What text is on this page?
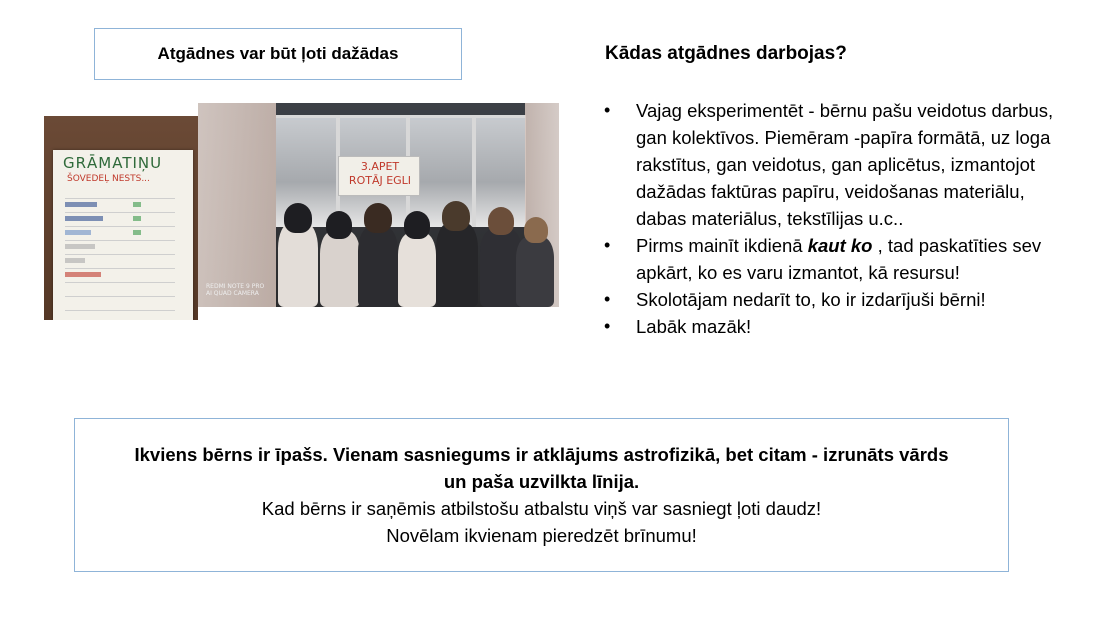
Atgādnes var būt ļoti dažādas
GRĀMATIŅU
ŠOVEDEĻ NESTS...
3.APET ROTĀJ EGLI
REDMI NOTE 9 PRO
AI QUAD CAMERA
Kādas atgādnes darbojas?
• Vajag eksperimentēt - bērnu pašu veidotus darbus, gan kolektīvos. Piemēram -papīra formātā, uz loga rakstītus, gan veidotus, gan aplicētus, izmantojot dažādas faktūras papīru, veidošanas materiālu, dabas materiālus, tekstīlijas u.c..
• Pirms mainīt ikdienā kaut ko , tad paskatīties sev apkārt, ko es varu izmantot, kā resursu!
• Skolotājam nedarīt to, ko ir izdarījuši bērni!
• Labāk mazāk!
Ikviens bērns ir īpašs. Vienam sasniegums ir atklājums astrofizikā, bet citam - izrunāts vārds un paša uzvilkta līnija.
Kad bērns ir saņēmis atbilstošu atbalstu viņš var sasniegt ļoti daudz!
Novēlam ikvienam pieredzēt brīnumu!
